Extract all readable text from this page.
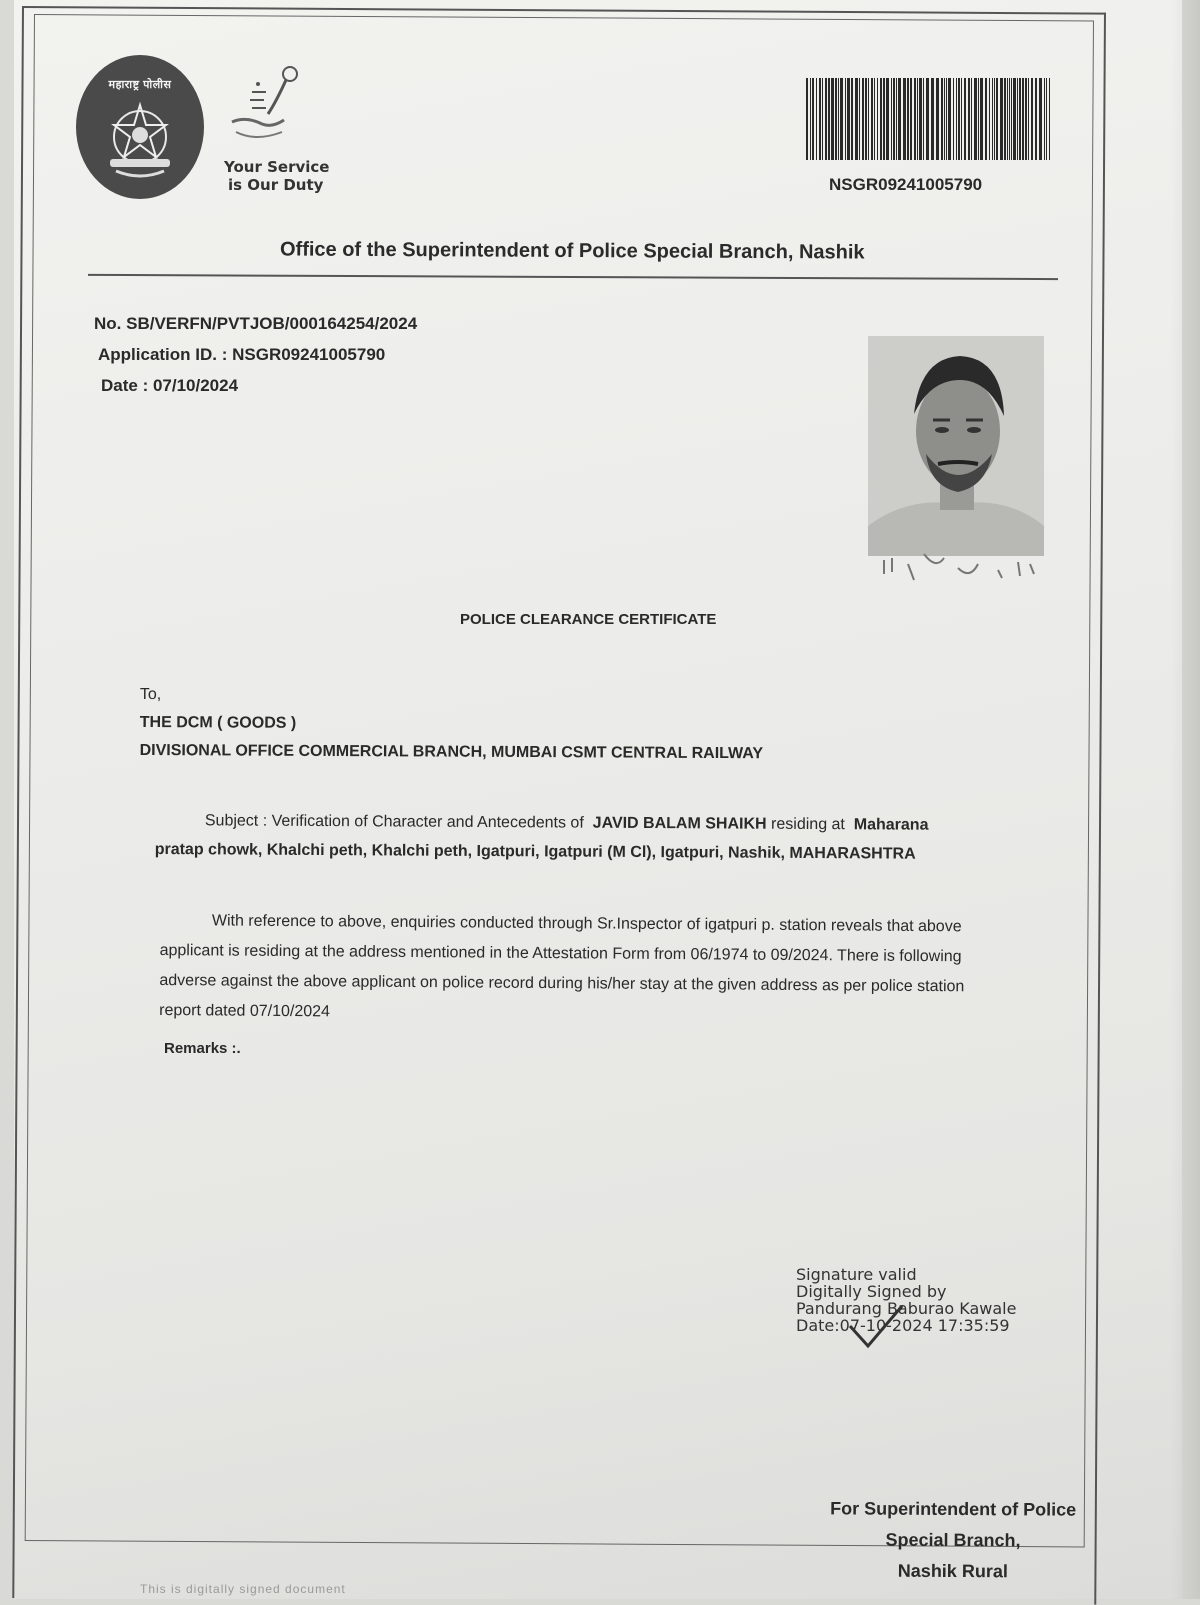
महाराष्ट्र पोलीस
Your Service
is Our Duty	NSGR09241005790
Office of the Superintendent of Police Special Branch, Nashik
No. SB/VERFN/PVTJOB/000164254/2024
Application ID. : NSGR09241005790
Date : 07/10/2024
POLICE CLEARANCE CERTIFICATE
To,
THE DCM ( GOODS )
DIVISIONAL OFFICE COMMERCIAL BRANCH, MUMBAI CSMT CENTRAL RAILWAY
Subject : Verification of Character and Antecedents of JAVID BALAM SHAIKH residing at Maharana
pratap chowk, Khalchi peth, Khalchi peth, Igatpuri, Igatpuri (M Cl), Igatpuri, Nashik, MAHARASHTRA
With reference to above, enquiries conducted through Sr.Inspector of igatpuri p. station reveals that above
applicant is residing at the address mentioned in the Attestation Form from 06/1974 to 09/2024. There is following
adverse against the above applicant on police record during his/her stay at the given address as per police station
report dated 07/10/2024
Remarks :.
Signature valid
Digitally Signed by
Pandurang Baburao Kawale
Date:07-10-2024 17:35:59
For Superintendent of Police
Special Branch,
Nashik Rural
This is digitally signed document
